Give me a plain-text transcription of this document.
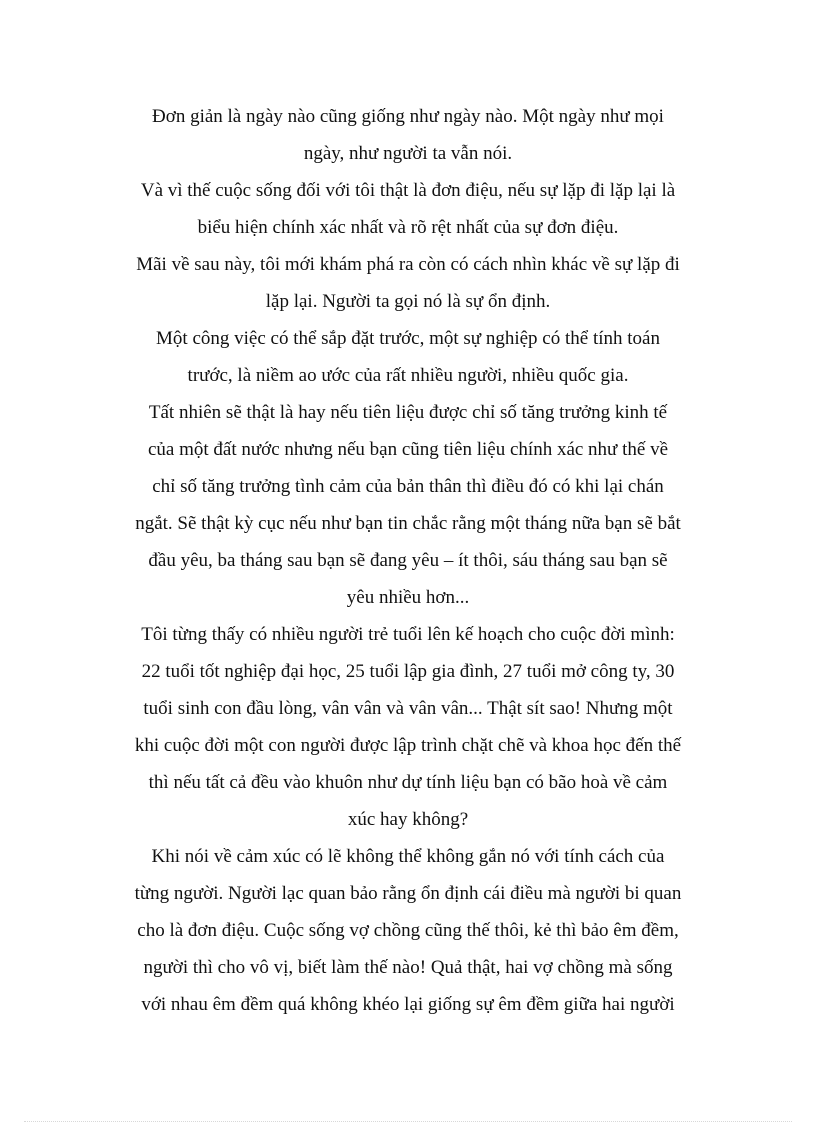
Đơn giản là ngày nào cũng giống như ngày nào. Một ngày như mọi
ngày, như người ta vẫn nói.

Và vì thế cuộc sống đối với tôi thật là đơn điệu, nếu sự lặp đi lặp lại là
biểu hiện chính xác nhất và rõ rệt nhất của sự đơn điệu.

Mãi về sau này, tôi mới khám phá ra còn có cách nhìn khác về sự lặp đi
lặp lại. Người ta gọi nó là sự ổn định.

Một công việc có thể sắp đặt trước, một sự nghiệp có thể tính toán
trước, là niềm ao ước của rất nhiều người, nhiều quốc gia.

Tất nhiên sẽ thật là hay nếu tiên liệu được chỉ số tăng trưởng kinh tế
của một đất nước nhưng nếu bạn cũng tiên liệu chính xác như thế về
chỉ số tăng trưởng tình cảm của bản thân thì điều đó có khi lại chán
ngắt. Sẽ thật kỳ cục nếu như bạn tin chắc rằng một tháng nữa bạn sẽ bắt
đầu yêu, ba tháng sau bạn sẽ đang yêu – ít thôi, sáu tháng sau bạn sẽ
yêu nhiều hơn...

Tôi từng thấy có nhiều người trẻ tuổi lên kế hoạch cho cuộc đời mình:
22 tuổi tốt nghiệp đại học, 25 tuổi lập gia đình, 27 tuổi mở công ty, 30
tuổi sinh con đầu lòng, vân vân và vân vân... Thật sít sao! Nhưng một
khi cuộc đời một con người được lập trình chặt chẽ và khoa học đến thế
thì nếu tất cả đều vào khuôn như dự tính liệu bạn có bão hoà về cảm
xúc hay không?

Khi nói về cảm xúc có lẽ không thể không gắn nó với tính cách của
từng người. Người lạc quan bảo rằng ổn định cái điều mà người bi quan
cho là đơn điệu. Cuộc sống vợ chồng cũng thế thôi, kẻ thì bảo êm đềm,
người thì cho vô vị, biết làm thế nào! Quả thật, hai vợ chồng mà sống
với nhau êm đềm quá không khéo lại giống sự êm đềm giữa hai người
